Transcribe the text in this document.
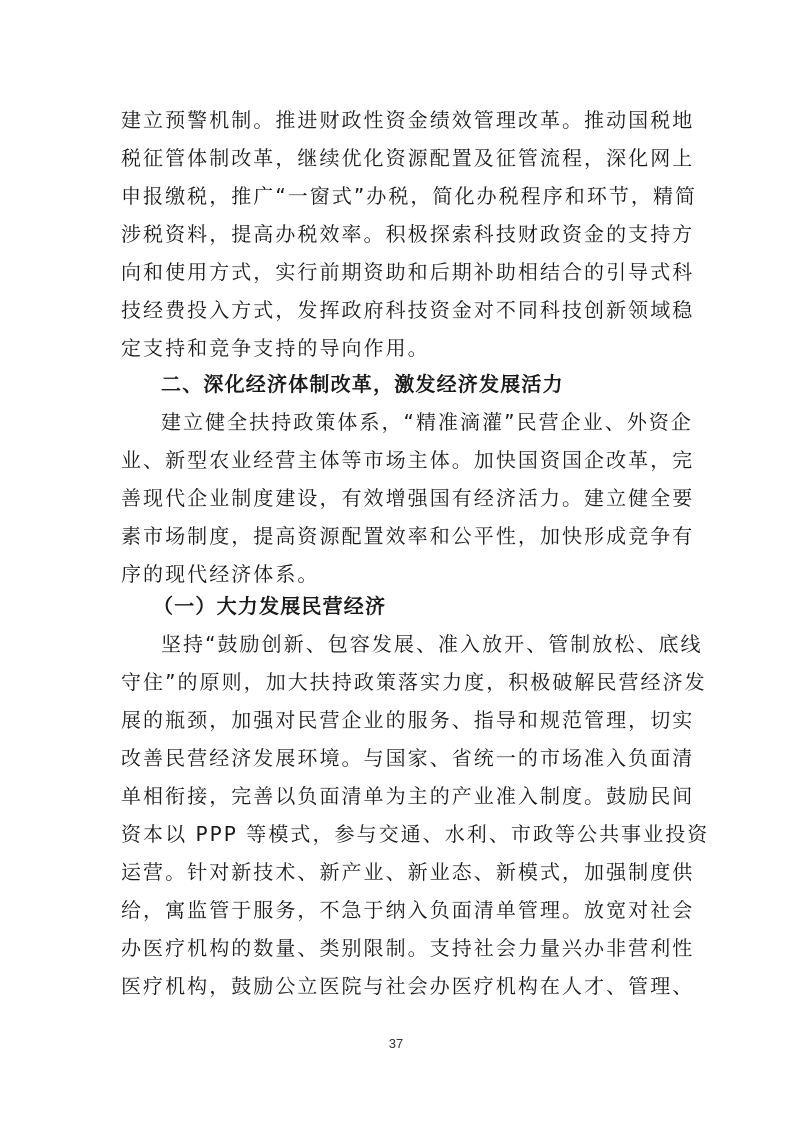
建立预警机制。推进财政性资金绩效管理改革。推动国税地
税征管体制改革，继续优化资源配置及征管流程，深化网上
申报缴税，推广“一窗式”办税，简化办税程序和环节，精简
涉税资料，提高办税效率。积极探索科技财政资金的支持方
向和使用方式，实行前期资助和后期补助相结合的引导式科
技经费投入方式，发挥政府科技资金对不同科技创新领域稳
定支持和竞争支持的导向作用。
二、深化经济体制改革，激发经济发展活力
建立健全扶持政策体系，“精准滴灌”民营企业、外资企
业、新型农业经营主体等市场主体。加快国资国企改革，完
善现代企业制度建设，有效增强国有经济活力。建立健全要
素市场制度，提高资源配置效率和公平性，加快形成竞争有
序的现代经济体系。
（一）大力发展民营经济
坚持“鼓励创新、包容发展、准入放开、管制放松、底线
守住”的原则，加大扶持政策落实力度，积极破解民营经济发
展的瓶颈，加强对民营企业的服务、指导和规范管理，切实
改善民营经济发展环境。与国家、省统一的市场准入负面清
单相衔接，完善以负面清单为主的产业准入制度。鼓励民间
资本以 PPP 等模式，参与交通、水利、市政等公共事业投资
运营。针对新技术、新产业、新业态、新模式，加强制度供
给，寓监管于服务，不急于纳入负面清单管理。放宽对社会
办医疗机构的数量、类别限制。支持社会力量兴办非营利性
医疗机构，鼓励公立医院与社会办医疗机构在人才、管理、
37
